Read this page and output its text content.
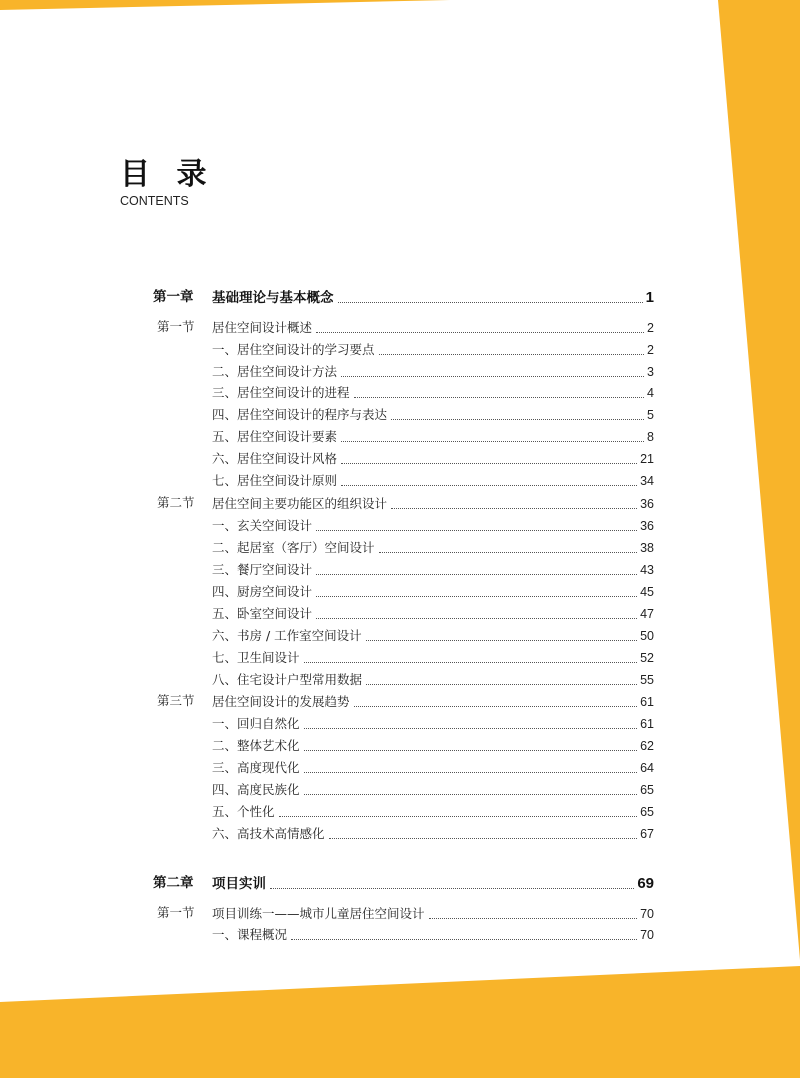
目 录
CONTENTS
第一章 基础理论与基本概念	1
第一节 居住空间设计概述	2
一、居住空间设计的学习要点	2
二、居住空间设计方法	3
三、居住空间设计的进程	4
四、居住空间设计的程序与表达	5
五、居住空间设计要素	8
六、居住空间设计风格	21
七、居住空间设计原则	34
第二节 居住空间主要功能区的组织设计	36
一、玄关空间设计	36
二、起居室（客厅）空间设计	38
三、餐厅空间设计	43
四、厨房空间设计	45
五、卧室空间设计	47
六、书房 / 工作室空间设计	50
七、卫生间设计	52
八、住宅设计户型常用数据	55
第三节 居住空间设计的发展趋势	61
一、回归自然化	61
二、整体艺术化	62
三、高度现代化	64
四、高度民族化	65
五、个性化	65
六、高技术高情感化	67
第二章 项目实训	69
第一节 项目训练一——城市儿童居住空间设计	70
一、课程概况	70
